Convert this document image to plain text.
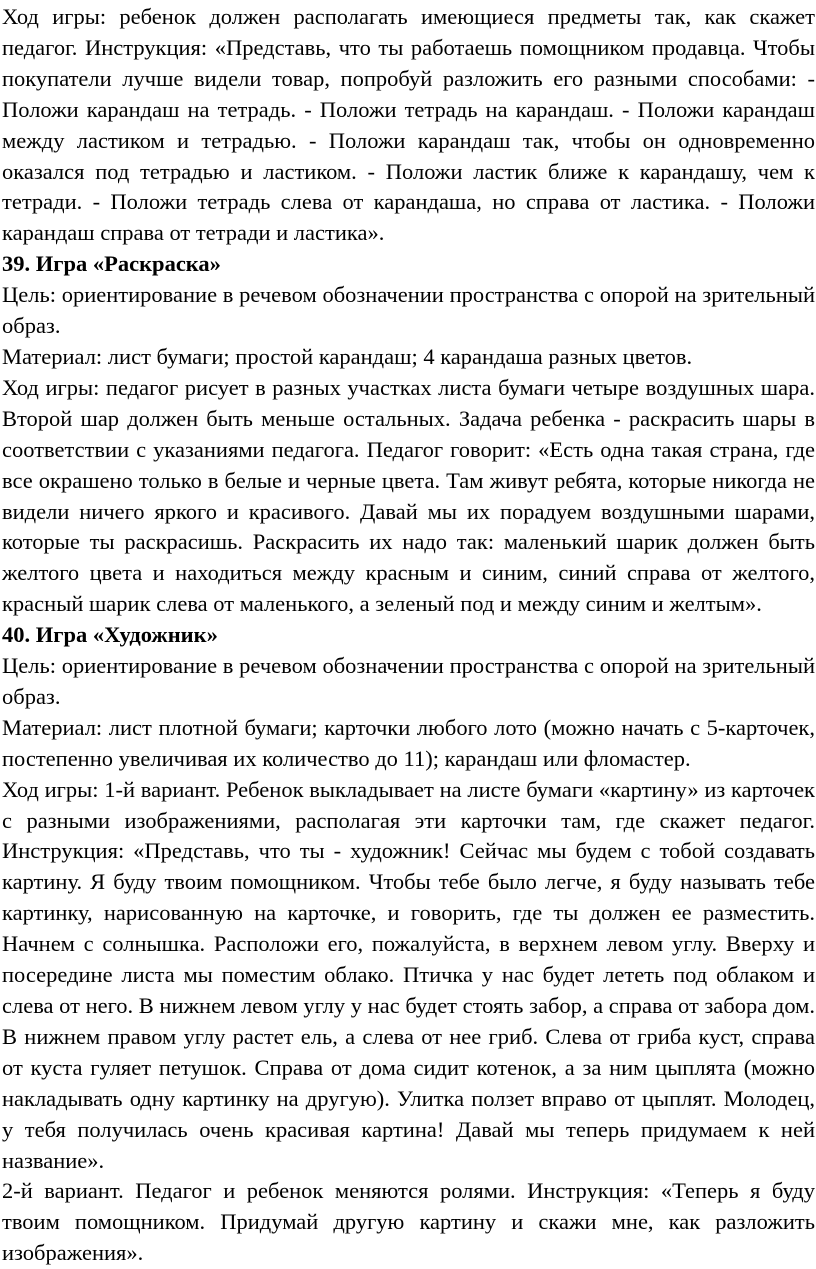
Ход игры: ребенок должен располагать имеющиеся предметы так, как скажет педагог. Инструкция: «Представь, что ты работаешь помощником продавца. Чтобы покупатели лучше видели товар, попробуй разложить его разными способами: - Положи карандаш на тетрадь. - Положи тетрадь на карандаш. - Положи карандаш между ластиком и тетрадью. - Положи карандаш так, чтобы он одновременно оказался под тетрадью и ластиком. - Положи ластик ближе к карандашу, чем к тетради. - Положи тетрадь слева от карандаша, но справа от ластика. - Положи карандаш справа от тетради и ластика».

39. Игра «Раскраска»

Цель: ориентирование в речевом обозначении пространства с опорой на зрительный образ.

Материал: лист бумаги; простой карандаш; 4 карандаша разных цветов.

Ход игры: педагог рисует в разных участках листа бумаги четыре воздушных шара. Второй шар должен быть меньше остальных. Задача ребенка - раскрасить шары в соответствии с указаниями педагога. Педагог говорит: «Есть одна такая страна, где все окрашено только в белые и черные цвета. Там живут ребята, которые никогда не видели ничего яркого и красивого. Давай мы их порадуем воздушными шарами, которые ты раскрасишь. Раскрасить их надо так: маленький шарик должен быть желтого цвета и находиться между красным и синим, синий справа от желтого, красный шарик слева от маленького, а зеленый под и между синим и желтым».

40. Игра «Художник»

Цель: ориентирование в речевом обозначении пространства с опорой на зрительный образ.

Материал: лист плотной бумаги; карточки любого лото (можно начать с 5-карточек, постепенно увеличивая их количество до 11); карандаш или фломастер.

Ход игры: 1-й вариант. Ребенок выкладывает на листе бумаги «картину» из карточек с разными изображениями, располагая эти карточки там, где скажет педагог. Инструкция: «Представь, что ты - художник! Сейчас мы будем с тобой создавать картину. Я буду твоим помощником. Чтобы тебе было легче, я буду называть тебе картинку, нарисованную на карточке, и говорить, где ты должен ее разместить. Начнем с солнышка. Расположи его, пожалуйста, в верхнем левом углу. Вверху и посередине листа мы поместим облако. Птичка у нас будет лететь под облаком и слева от него. В нижнем левом углу у нас будет стоять забор, а справа от забора дом. В нижнем правом углу растет ель, а слева от нее гриб. Слева от гриба куст, справа от куста гуляет петушок. Справа от дома сидит котенок, а за ним цыплята (можно накладывать одну картинку на другую). Улитка ползет вправо от цыплят. Молодец, у тебя получилась очень красивая картина! Давай мы теперь придумаем к ней название».

2-й вариант. Педагог и ребенок меняются ролями. Инструкция: «Теперь я буду твоим помощником. Придумай другую картину и скажи мне, как разложить изображения».
